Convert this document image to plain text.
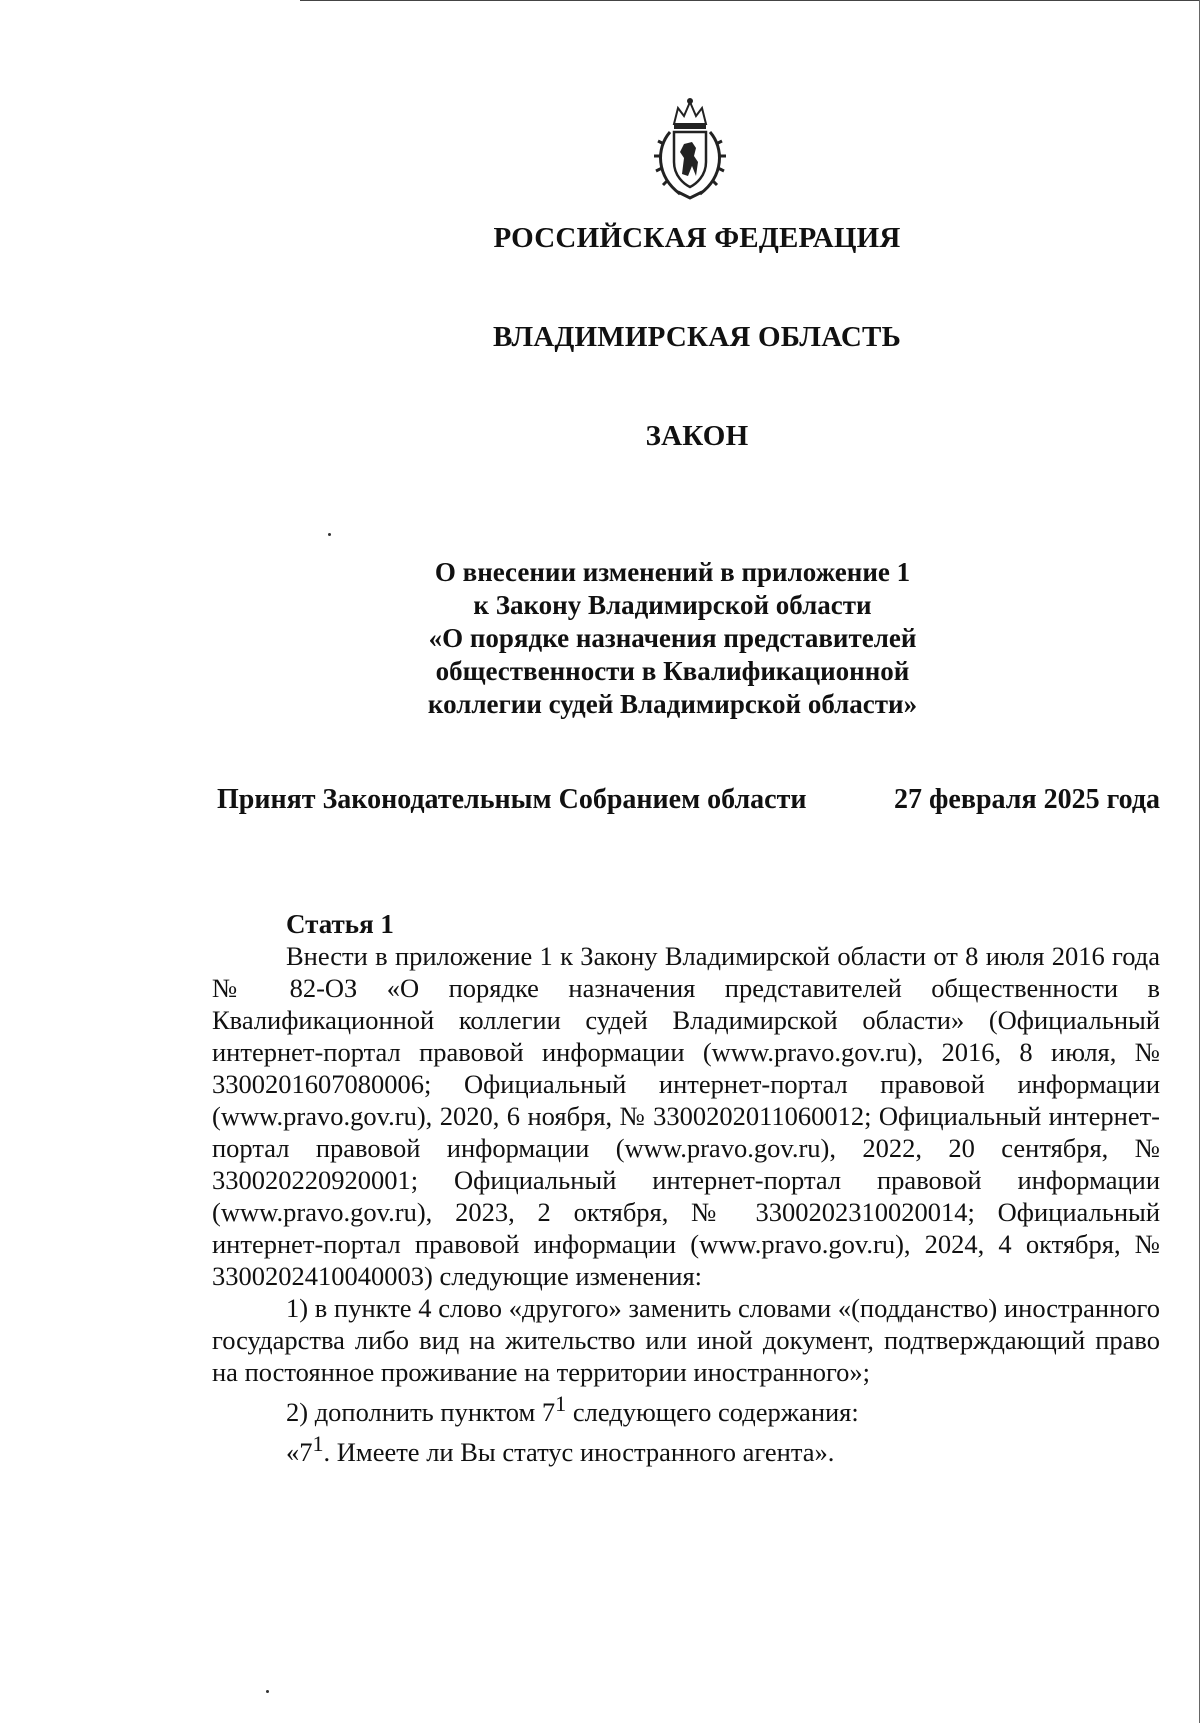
РОССИЙСКАЯ ФЕДЕРАЦИЯ
ВЛАДИМИРСКАЯ ОБЛАСТЬ
ЗАКОН
О внесении изменений в приложение 1
к Закону Владимирской области
«О порядке назначения представителей
общественности в Квалификационной
коллегии судей Владимирской области»
Принят Законодательным Собранием области	27 февраля 2025 года
Статья 1

Внести в приложение 1 к Закону Владимирской области от 8 июля 2016 года № 82-ОЗ «О порядке назначения представителей общественности в Квалификационной коллегии судей Владимирской области» (Официальный интернет-портал правовой информации (www.pravo.gov.ru), 2016, 8 июля, № 3300201607080006; Официальный интернет-портал правовой информации (www.pravo.gov.ru), 2020, 6 ноября, № 3300202011060012; Официальный интернет-портал правовой информации (www.pravo.gov.ru), 2022, 20 сентября, № 330020220920001; Официальный интернет-портал правовой информации (www.pravo.gov.ru), 2023, 2 октября, № 3300202310020014; Официальный интернет-портал правовой информации (www.pravo.gov.ru), 2024, 4 октября, № 3300202410040003) следующие изменения:

1) в пункте 4 слово «другого» заменить словами «(подданство) иностранного государства либо вид на жительство или иной документ, подтверждающий право на постоянное проживание на территории иностранного»;

2) дополнить пунктом $7^1$ следующего содержания:

«$7^1$. Имеете ли Вы статус иностранного агента».
